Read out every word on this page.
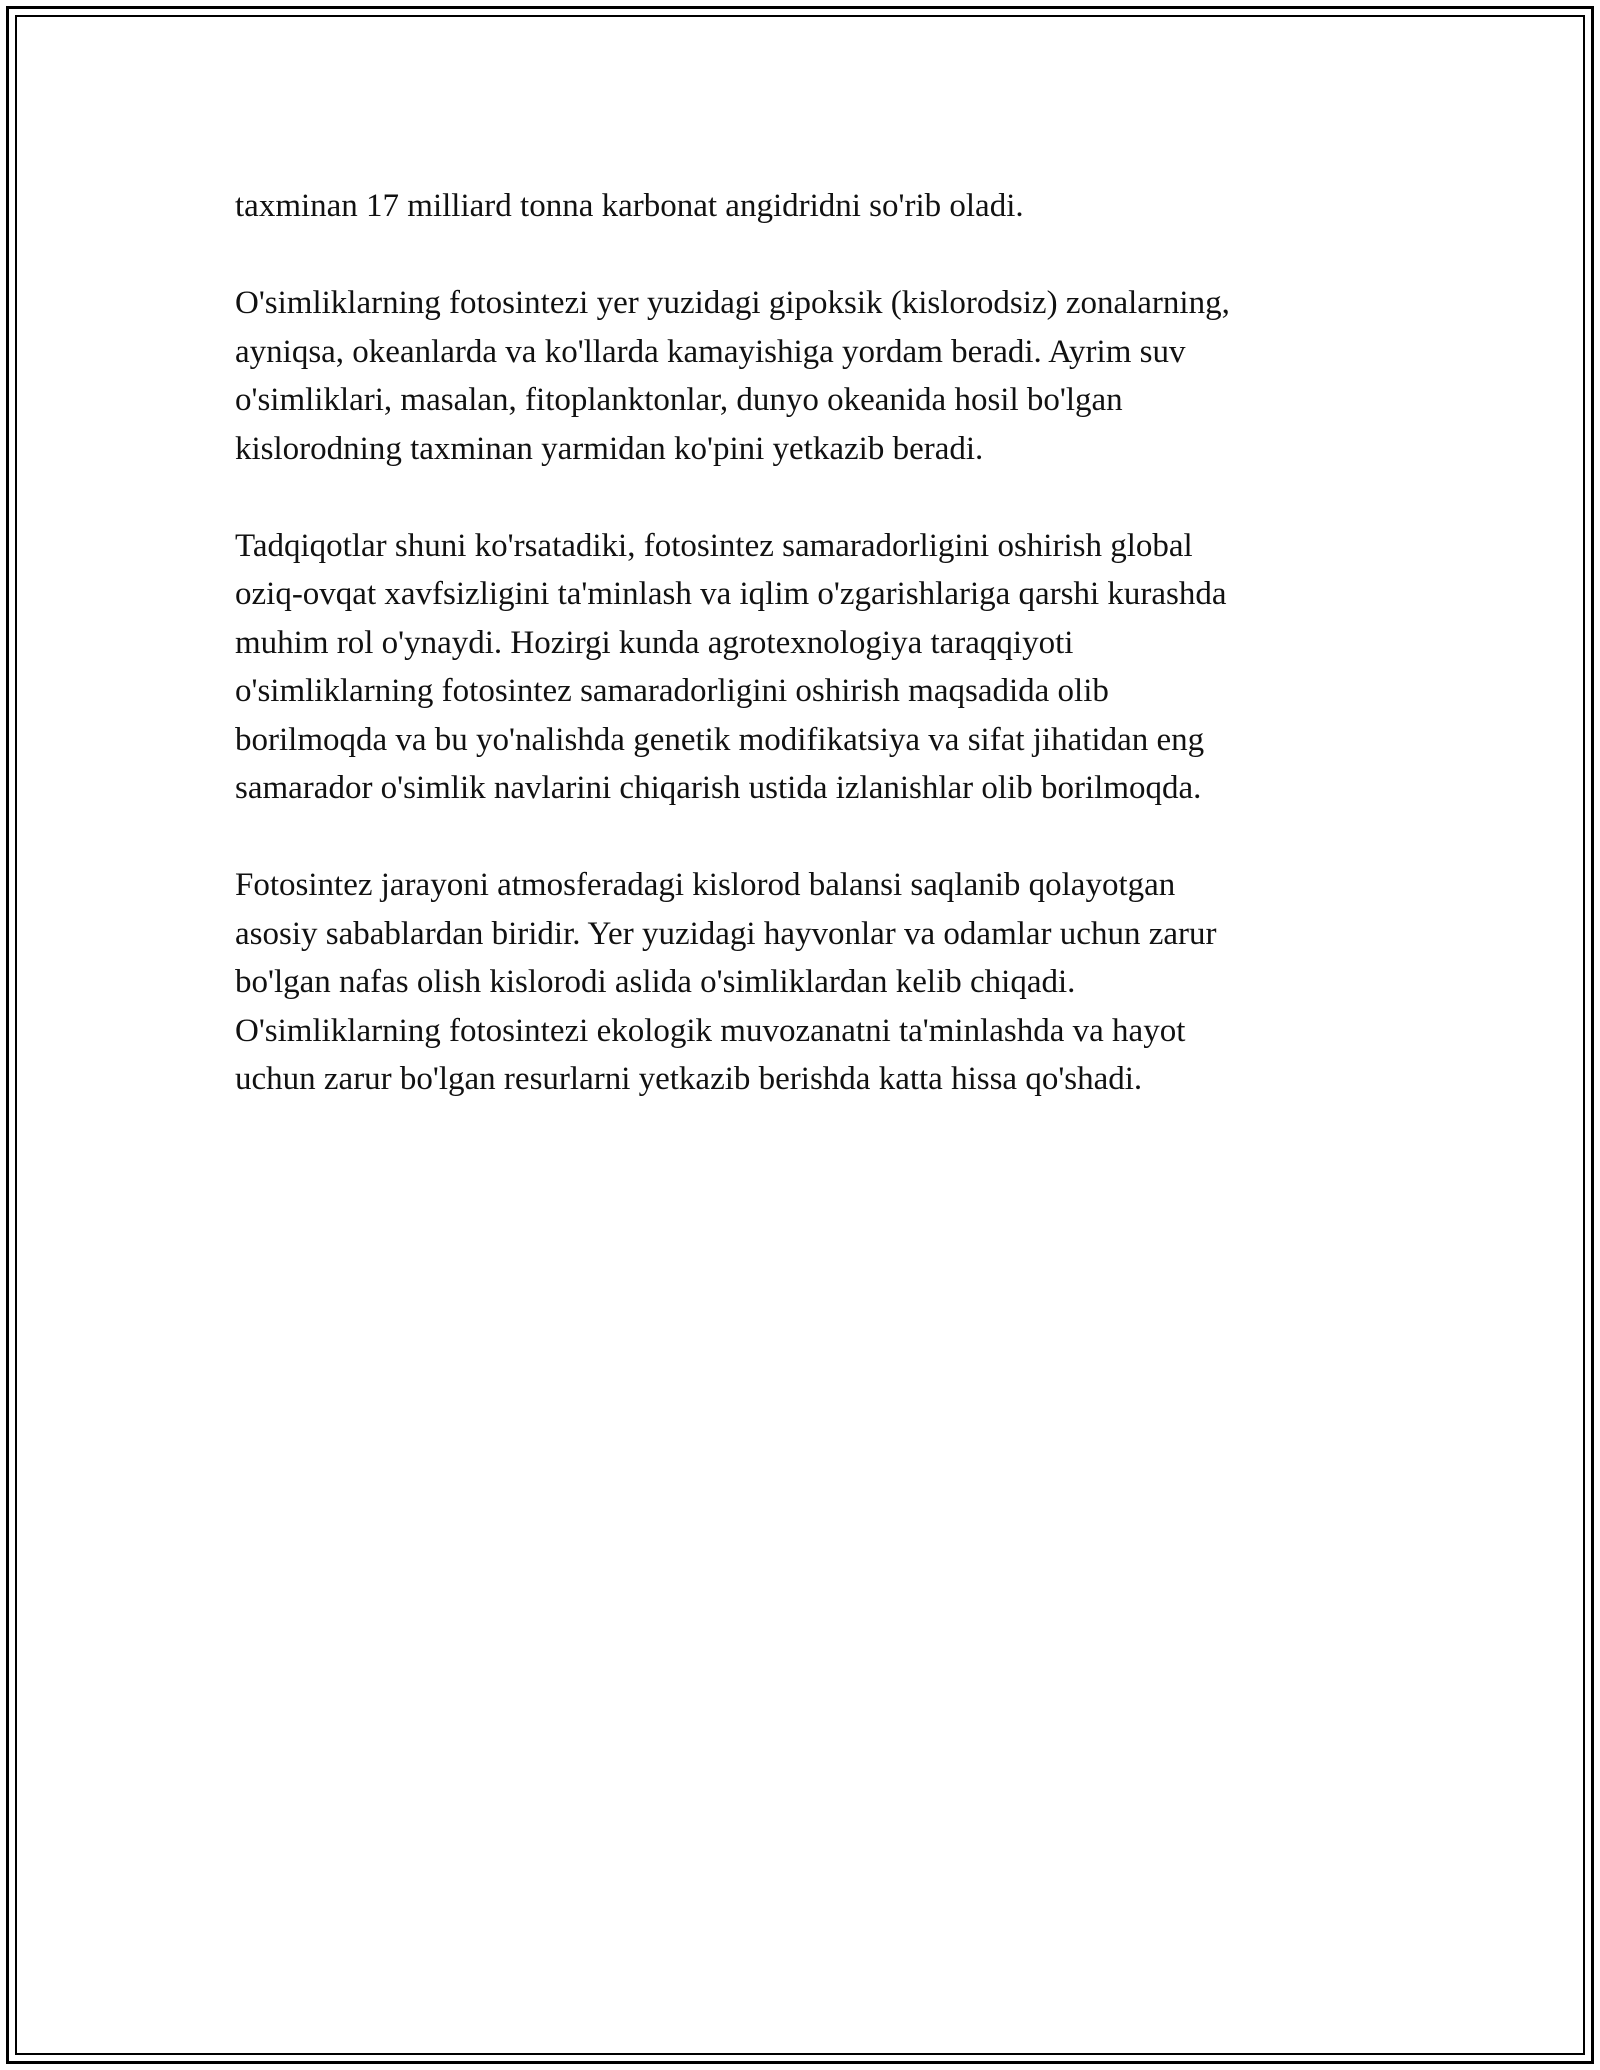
taxminan 17 milliard tonna karbonat angidridni so'rib oladi.

O'simliklarning fotosintezi yer yuzidagi gipoksik (kislorodsiz) zonalarning,
ayniqsa, okeanlarda va ko'llarda kamayishiga yordam beradi. Ayrim suv
o'simliklari, masalan, fitoplanktonlar, dunyo okeanida hosil bo'lgan
kislorodning taxminan yarmidan ko'pini yetkazib beradi.

Tadqiqotlar shuni ko'rsatadiki, fotosintez samaradorligini oshirish global
oziq-ovqat xavfsizligini ta'minlash va iqlim o'zgarishlariga qarshi kurashda
muhim rol o'ynaydi. Hozirgi kunda agrotexnologiya taraqqiyoti
o'simliklarning fotosintez samaradorligini oshirish maqsadida olib
borilmoqda va bu yo'nalishda genetik modifikatsiya va sifat jihatidan eng
samarador o'simlik navlarini chiqarish ustida izlanishlar olib borilmoqda.

Fotosintez jarayoni atmosferadagi kislorod balansi saqlanib qolayotgan
asosiy sabablardan biridir. Yer yuzidagi hayvonlar va odamlar uchun zarur
bo'lgan nafas olish kislorodi aslida o'simliklardan kelib chiqadi.
O'simliklarning fotosintezi ekologik muvozanatni ta'minlashda va hayot
uchun zarur bo'lgan resurlarni yetkazib berishda katta hissa qo'shadi.
